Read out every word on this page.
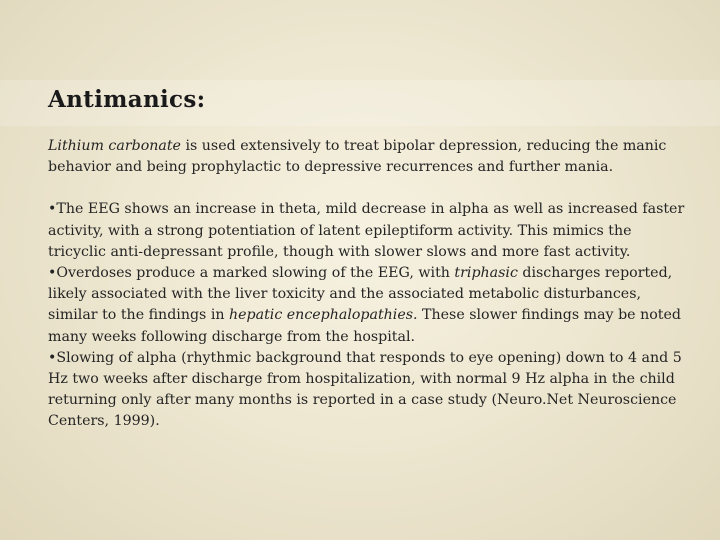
Antimanics:

Lithium carbonate is used extensively to treat bipolar depression, reducing the manic behavior and being prophylactic to depressive recurrences and further mania.

•The EEG shows an increase in theta, mild decrease in alpha as well as increased faster activity, with a strong potentiation of latent epileptiform activity. This mimics the tricyclic anti-depressant profile, though with slower slows and more fast activity.

•Overdoses produce a marked slowing of the EEG, with triphasic discharges reported, likely associated with the liver toxicity and the associated metabolic disturbances, similar to the findings in hepatic encephalopathies. These slower findings may be noted many weeks following discharge from the hospital.

•Slowing of alpha (rhythmic background that responds to eye opening) down to 4 and 5 Hz two weeks after discharge from hospitalization, with normal 9 Hz alpha in the child returning only after many months is reported in a case study (Neuro.Net Neuroscience Centers, 1999).
